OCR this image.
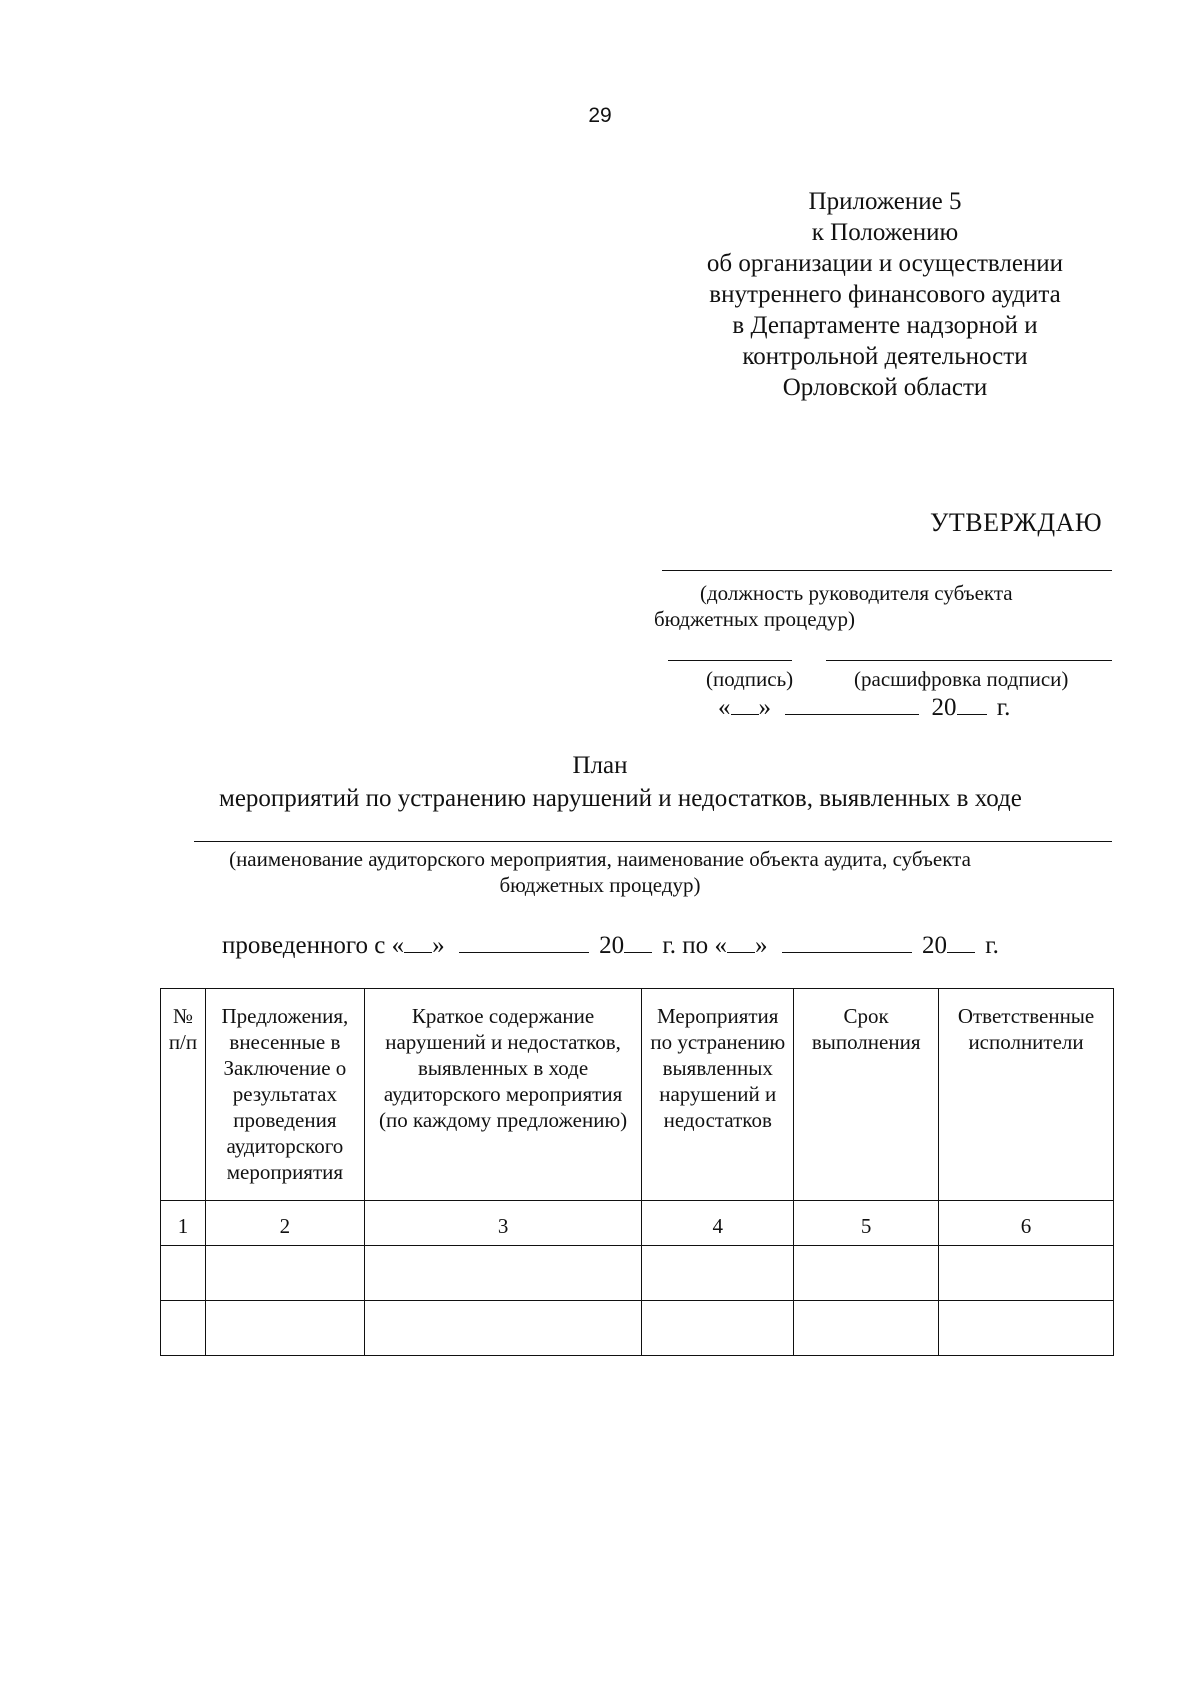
29
Приложение 5
к Положению
об организации и осуществлении
внутреннего финансового аудита
в Департаменте надзорной и
контрольной деятельности
Орловской области
УТВЕРЖДАЮ
(должность руководителя субъекта
бюджетных процедур)
(подпись)	(расшифровка подписи)
« »	20 г.
План
мероприятий по устранению нарушений и недостатков, выявленных в ходе
(наименование аудиторского мероприятия, наименование объекта аудита, субъекта
бюджетных процедур)
проведенного с « »	20 г. по « »	20 г.
№ п/п	Предложения, внесенные в Заключение о результатах проведения аудиторского мероприятия	Краткое содержание нарушений и недостатков, выявленных в ходе аудиторского мероприятия (по каждому предложению)	Мероприятия по устранению выявленных нарушений и недостатков	Срок выполнения	Ответственные исполнители
1	2	3	4	5	6
